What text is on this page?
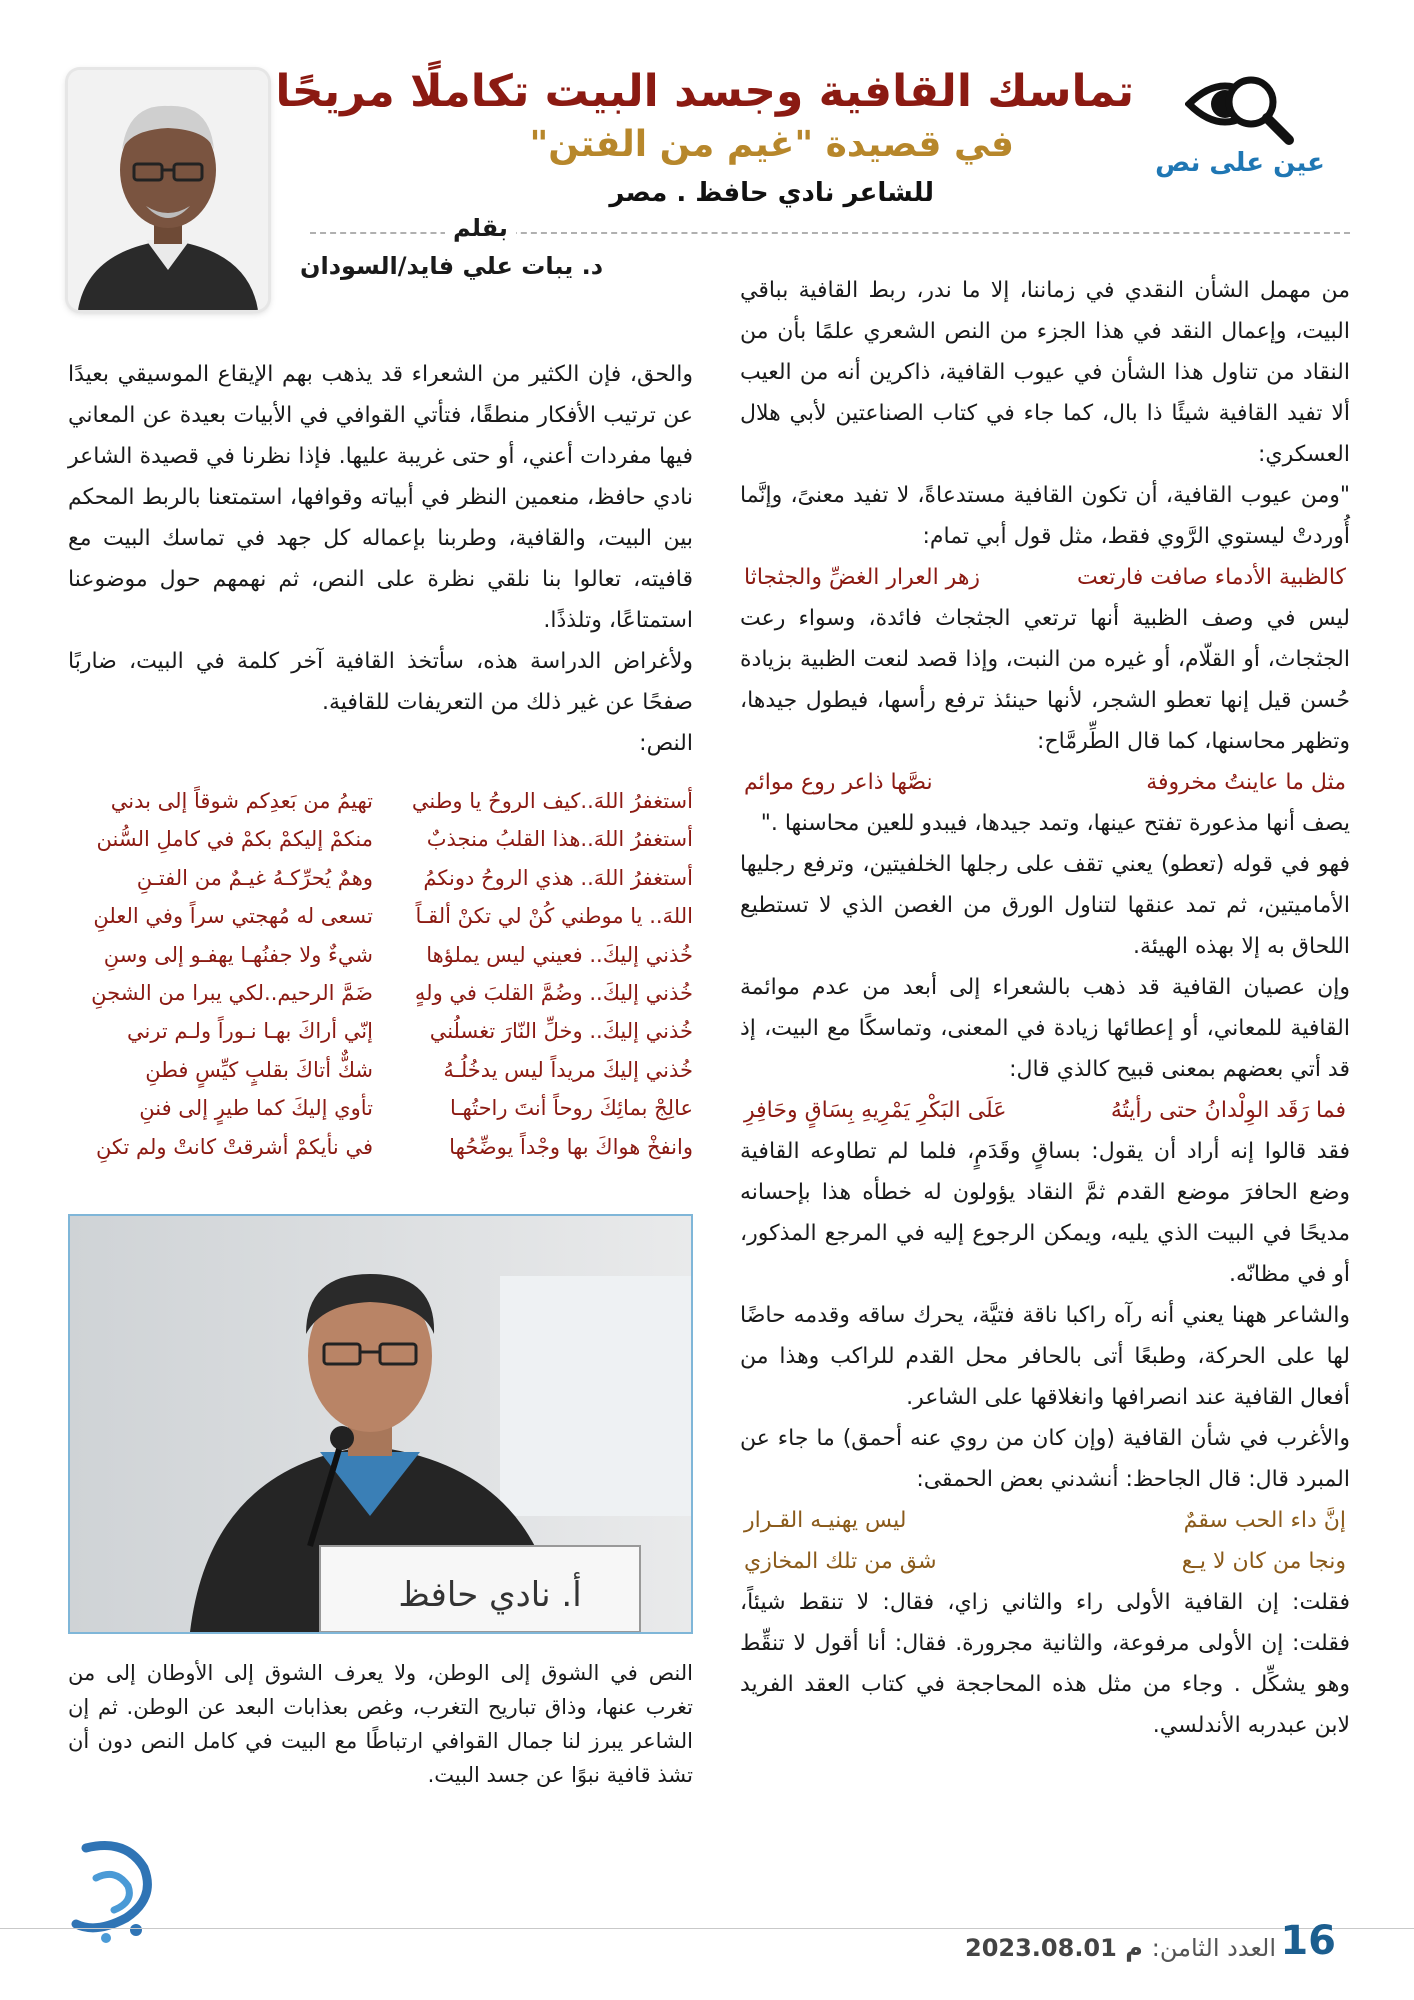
عين على نص
تماسك القافية وجسد البيت تكاملًا مريحًا
في قصيدة "غيم من الفتن"

للشاعر نادي حافظ . مصر

بقلم
د. يبات علي فايد/السودان

من مهمل الشأن النقدي في زماننا، إلا ما ندر، ربط القافية بباقي البيت، وإعمال النقد في هذا الجزء من النص الشعري علمًا بأن من النقاد من تناول هذا الشأن في عيوب القافية، ذاكرين أنه من العيب ألا تفيد القافية شيئًا ذا بال، كما جاء في كتاب الصناعتين لأبي هلال العسكري:

"ومن عيوب القافية، أن تكون القافية مستدعاةً، لا تفيد معنىً، وإنَّما أُوردتْ ليستوي الرَّوي فقط، مثل قول أبي تمام:

كالظبية الأدماء صافت فارتعت
زهر العرار الغضِّ والجثجاثا

ليس في وصف الظبية أنها ترتعي الجثجاث فائدة، وسواء رعت الجثجاث، أو القلّام، أو غيره من النبت، وإذا قصد لنعت الظبية بزيادة حُسن قيل إنها تعطو الشجر، لأنها حينئذ ترفع رأسها، فيطول جيدها، وتظهر محاسنها، كما قال الطِّرمَّاح:

مثل ما عاينتُ مخروفة
نصَّها ذاعر روع موائم

يصف أنها مذعورة تفتح عينها، وتمد جيدها، فيبدو للعين محاسنها ."

فهو في قوله (تعطو) يعني تقف على رجلها الخلفيتين، وترفع رجليها الأماميتين، ثم تمد عنقها لتناول الورق من الغصن الذي لا تستطيع اللحاق به إلا بهذه الهيئة.

وإن عصيان القافية قد ذهب بالشعراء إلى أبعد من عدم موائمة القافية للمعاني، أو إعطائها زيادة في المعنى، وتماسكًا مع البيت، إذ قد أتي بعضهم بمعنى قبيح كالذي قال:

فما رَقَد الوِلْدانُ حتى رأيتُهُ
عَلَى البَكْرِ يَمْرِيهِ بِسَاقٍ وحَافِرِ

فقد قالوا إنه أراد أن يقول: بساقٍ وقَدَمٍ، فلما لم تطاوعه القافية وضع الحافرَ موضع القدم ثمَّ النقاد يؤولون له خطأه هذا بإحسانه مديحًا في البيت الذي يليه، ويمكن الرجوع إليه في المرجع المذكور، أو في مظانّه.

والشاعر ههنا يعني أنه رآه راكبا ناقة فتيَّة، يحرك ساقه وقدمه حاضًا لها على الحركة، وطبعًا أتى بالحافر محل القدم للراكب وهذا من أفعال القافية عند انصرافها وانغلاقها على الشاعر.

والأغرب في شأن القافية (وإن كان من روي عنه أحمق) ما جاء عن المبرد قال: قال الجاحظ: أنشدني بعض الحمقى:

إنَّ داء الحب سقمٌ
ليس يهنيـه القـرار
ونجا من كان لا يـع
شق من تلك المخازي

فقلت: إن القافية الأولى راء والثاني زاي، فقال: لا تنقط شيئاً، فقلت: إن الأولى مرفوعة، والثانية مجرورة. فقال: أنا أقول لا تنقِّط وهو يشكِّل . وجاء من مثل هذه المحاججة في كتاب العقد الفريد لابن عبدربه الأندلسي.

والحق، فإن الكثير من الشعراء قد يذهب بهم الإيقاع الموسيقي بعيدًا عن ترتيب الأفكار منطقًا، فتأتي القوافي في الأبيات بعيدة عن المعاني فيها مفردات أعني، أو حتى غريبة عليها. فإذا نظرنا في قصيدة الشاعر نادي حافظ، منعمين النظر في أبياته وقوافها، استمتعنا بالربط المحكم بين البيت، والقافية، وطربنا بإعماله كل جهد في تماسك البيت مع قافيته، تعالوا بنا نلقي نظرة على النص، ثم نهمهم حول موضوعنا استمتاعًا، وتلذذًا.

ولأغراض الدراسة هذه، سأتخذ القافية آخر كلمة في البيت، ضاربًا صفحًا عن غير ذلك من التعريفات للقافية.

النص:

أستغفرُ اللهَ..كيف الروحُ يا وطني
تهيمُ من بَعدِكم شوقاً إلى بدني
أستغفرُ اللهَ..هذا القلبُ منجذبٌ
منكمْ إليكمْ بكمْ في كاملِ السُّنن
أستغفرُ اللهَ.. هذي الروحُ دونكمُ
وهمٌ يُحرِّكـهُ غيـمٌ من الفتـنِ
اللهَ.. يا موطني كُنْ لي تكنْ ألقـاً
تسعى له مُهجتي سراً وفي العلنِ
خُذني إليكَ.. فعيني ليس يملؤها
شيءٌ ولا جفنُهـا يهفـو إلى وسنِ
خُذني إليكَ.. وضُمَّ القلبَ في ولهٍ
ضَمَّ الرحيم..لكي يبرا من الشجنِ
خُذني إليكَ.. وخلِّ النّارَ تغسلُني
إنّي أراكَ بهـا نـوراً ولـم ترني
خُذني إليكَ مريداً ليس يدخُلُـهُ
شكٌّ أتاكَ بقلبٍ كيِّسٍ فطنِ
عالِجْ بمائِكَ روحاً أنتَ راحتُهـا
تأوي إليكَ كما طيرٍ إلى فننِ
وانفخْ هواكَ بها وجْداً يوضِّحُها
في نأيكمْ أشرقتْ كانتْ ولم تكنِ
أ. نادي حافظ

النص في الشوق إلى الوطن، ولا يعرف الشوق إلى الأوطان إلى من تغرب عنها، وذاق تباريح التغرب، وغص بعذابات البعد عن الوطن. ثم إن الشاعر يبرز لنا جمال القوافي ارتباطًا مع البيت في كامل النص دون أن تشذ قافية نبوًا عن جسد البيت.

16
العدد الثامن:
2023.08.01 م
